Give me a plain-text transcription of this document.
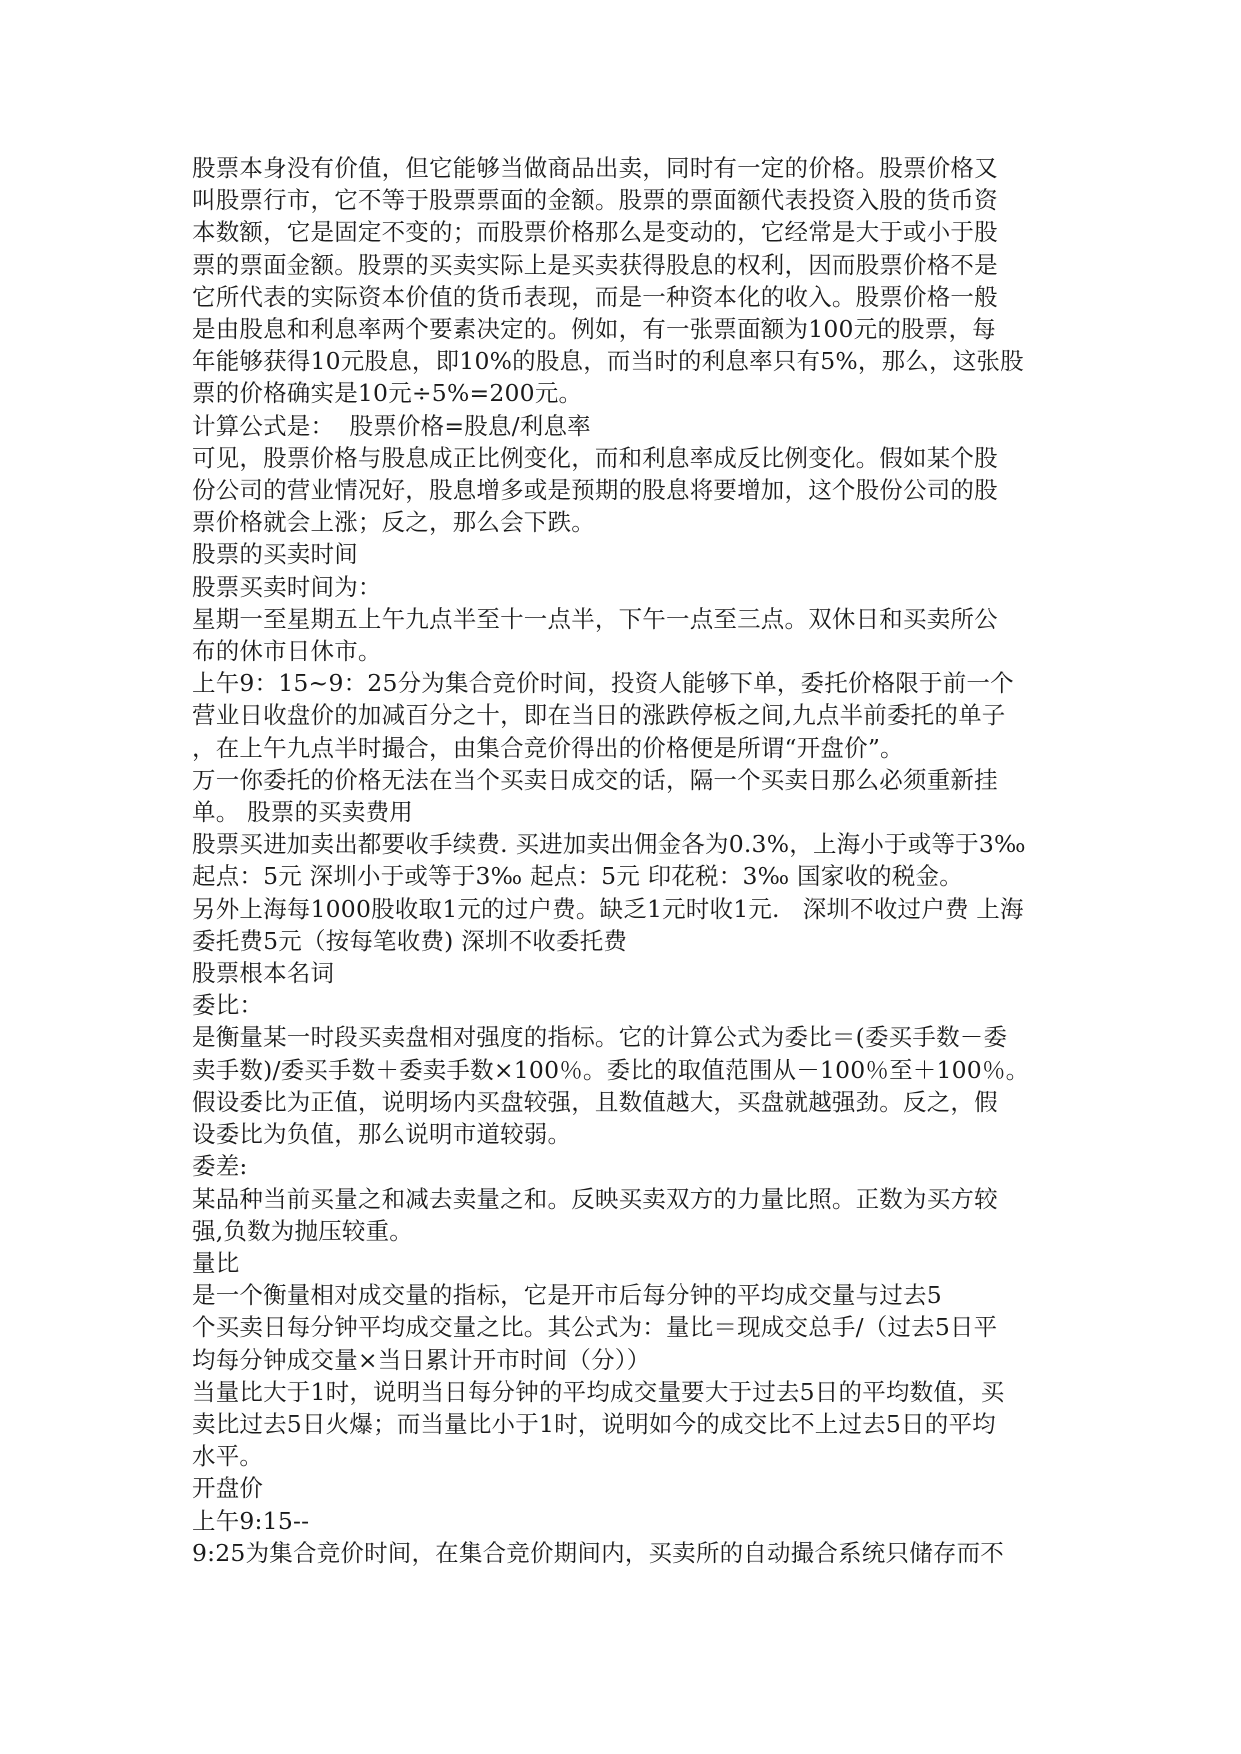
股票本身没有价值，但它能够当做商品出卖，同时有一定的价格。股票价格又

叫股票行市，它不等于股票票面的金额。股票的票面额代表投资入股的货币资

本数额，它是固定不变的；而股票价格那么是变动的，它经常是大于或小于股

票的票面金额。股票的买卖实际上是买卖获得股息的权利，因而股票价格不是

它所代表的实际资本价值的货币表现，而是一种资本化的收入。股票价格一般

是由股息和利息率两个要素决定的。例如，有一张票面额为100元的股票，每

年能够获得10元股息，即10%的股息，而当时的利息率只有5%，那么，这张股

票的价格确实是10元÷5%=200元。

计算公式是：  股票价格=股息/利息率

可见，股票价格与股息成正比例变化，而和利息率成反比例变化。假如某个股

份公司的营业情况好，股息增多或是预期的股息将要增加，这个股份公司的股

票价格就会上涨；反之，那么会下跌。

股票的买卖时间

股票买卖时间为：

星期一至星期五上午九点半至十一点半，下午一点至三点。双休日和买卖所公

布的休市日休市。

上午9：15~9：25分为集合竞价时间，投资人能够下单，委托价格限于前一个

营业日收盘价的加减百分之十，即在当日的涨跌停板之间,九点半前委托的单子

，在上午九点半时撮合，由集合竞价得出的价格便是所谓“开盘价”。

万一你委托的价格无法在当个买卖日成交的话，隔一个买卖日那么必须重新挂

单。 股票的买卖费用

股票买进加卖出都要收手续费. 买进加卖出佣金各为0.3%，上海小于或等于3‰

起点：5元 深圳小于或等于3‰ 起点：5元 印花税：3‰ 国家收的税金。

另外上海每1000股收取1元的过户费。缺乏1元时收1元.   深圳不收过户费 上海

委托费5元（按每笔收费) 深圳不收委托费

股票根本名词

委比：

是衡量某一时段买卖盘相对强度的指标。它的计算公式为委比＝(委买手数－委

卖手数)/委买手数＋委卖手数×100％。委比的取值范围从－100％至＋100％。

假设委比为正值，说明场内买盘较强，且数值越大，买盘就越强劲。反之，假

设委比为负值，那么说明市道较弱。

委差:

某品种当前买量之和减去卖量之和。反映买卖双方的力量比照。正数为买方较

强,负数为抛压较重。

量比

是一个衡量相对成交量的指标，它是开市后每分钟的平均成交量与过去5

个买卖日每分钟平均成交量之比。其公式为：量比＝现成交总手/（过去5日平

均每分钟成交量×当日累计开市时间（分））

当量比大于1时，说明当日每分钟的平均成交量要大于过去5日的平均数值，买

卖比过去5日火爆；而当量比小于1时，说明如今的成交比不上过去5日的平均

水平。

开盘价

上午9:15--

9:25为集合竞价时间，在集合竞价期间内，买卖所的自动撮合系统只储存而不
